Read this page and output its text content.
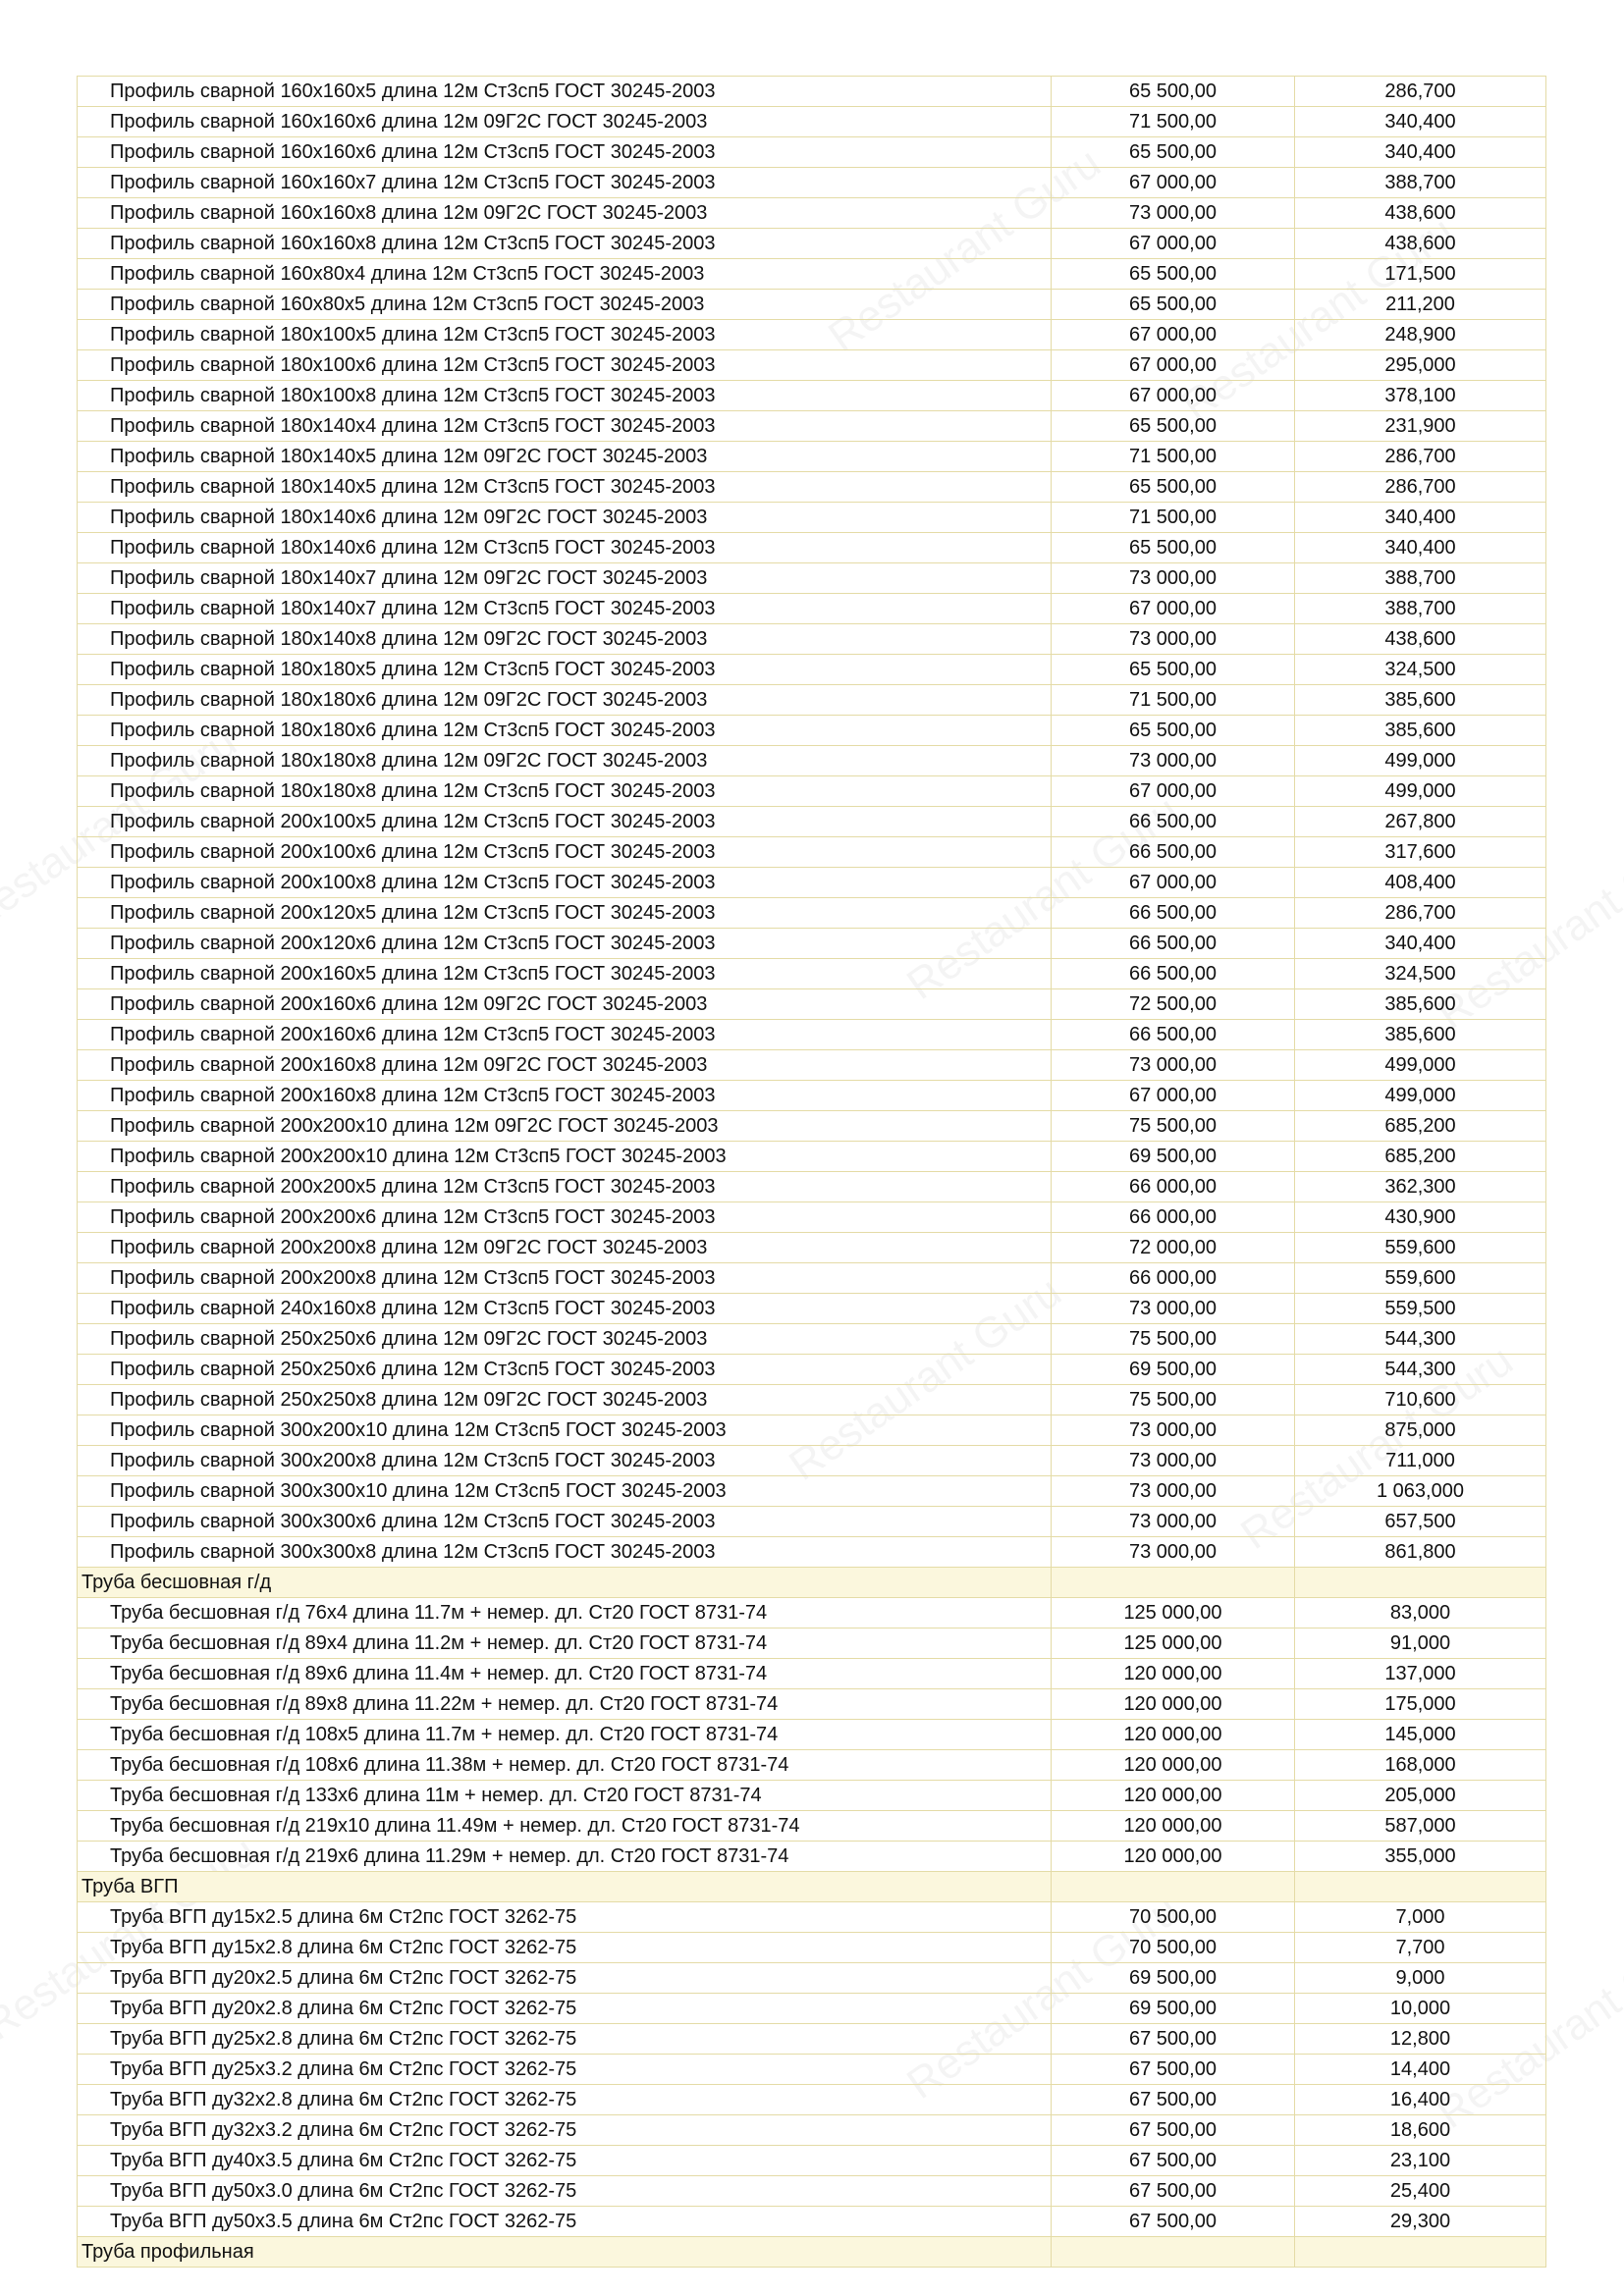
Профиль сварной 160х160х5 длина 12м Ст3сп5 ГОСТ 30245-2003	65 500,00	286,700
Профиль сварной 160х160х6 длина 12м 09Г2С ГОСТ 30245-2003	71 500,00	340,400
Профиль сварной 160х160х6 длина 12м Ст3сп5 ГОСТ 30245-2003	65 500,00	340,400
Профиль сварной 160х160х7 длина 12м Ст3сп5 ГОСТ 30245-2003	67 000,00	388,700
Профиль сварной 160х160х8 длина 12м 09Г2С ГОСТ 30245-2003	73 000,00	438,600
Профиль сварной 160х160х8 длина 12м Ст3сп5 ГОСТ 30245-2003	67 000,00	438,600
Профиль сварной 160х80х4 длина 12м Ст3сп5 ГОСТ 30245-2003	65 500,00	171,500
Профиль сварной 160х80х5 длина 12м Ст3сп5 ГОСТ 30245-2003	65 500,00	211,200
Профиль сварной 180х100х5 длина 12м Ст3сп5 ГОСТ 30245-2003	67 000,00	248,900
Профиль сварной 180х100х6 длина 12м Ст3сп5 ГОСТ 30245-2003	67 000,00	295,000
Профиль сварной 180х100х8 длина 12м Ст3сп5 ГОСТ 30245-2003	67 000,00	378,100
Профиль сварной 180х140х4 длина 12м Ст3сп5 ГОСТ 30245-2003	65 500,00	231,900
Профиль сварной 180х140х5 длина 12м 09Г2С ГОСТ 30245-2003	71 500,00	286,700
Профиль сварной 180х140х5 длина 12м Ст3сп5 ГОСТ 30245-2003	65 500,00	286,700
Профиль сварной 180х140х6 длина 12м 09Г2С ГОСТ 30245-2003	71 500,00	340,400
Профиль сварной 180х140х6 длина 12м Ст3сп5 ГОСТ 30245-2003	65 500,00	340,400
Профиль сварной 180х140х7 длина 12м 09Г2С ГОСТ 30245-2003	73 000,00	388,700
Профиль сварной 180х140х7 длина 12м Ст3сп5 ГОСТ 30245-2003	67 000,00	388,700
Профиль сварной 180х140х8 длина 12м 09Г2С ГОСТ 30245-2003	73 000,00	438,600
Профиль сварной 180х180х5 длина 12м Ст3сп5 ГОСТ 30245-2003	65 500,00	324,500
Профиль сварной 180х180х6 длина 12м 09Г2С ГОСТ 30245-2003	71 500,00	385,600
Профиль сварной 180х180х6 длина 12м Ст3сп5 ГОСТ 30245-2003	65 500,00	385,600
Профиль сварной 180х180х8 длина 12м 09Г2С ГОСТ 30245-2003	73 000,00	499,000
Профиль сварной 180х180х8 длина 12м Ст3сп5 ГОСТ 30245-2003	67 000,00	499,000
Профиль сварной 200х100х5 длина 12м Ст3сп5 ГОСТ 30245-2003	66 500,00	267,800
Профиль сварной 200х100х6 длина 12м Ст3сп5 ГОСТ 30245-2003	66 500,00	317,600
Профиль сварной 200х100х8 длина 12м Ст3сп5 ГОСТ 30245-2003	67 000,00	408,400
Профиль сварной 200х120х5 длина 12м Ст3сп5 ГОСТ 30245-2003	66 500,00	286,700
Профиль сварной 200х120х6 длина 12м Ст3сп5 ГОСТ 30245-2003	66 500,00	340,400
Профиль сварной 200х160х5 длина 12м Ст3сп5 ГОСТ 30245-2003	66 500,00	324,500
Профиль сварной 200х160х6 длина 12м 09Г2С ГОСТ 30245-2003	72 500,00	385,600
Профиль сварной 200х160х6 длина 12м Ст3сп5 ГОСТ 30245-2003	66 500,00	385,600
Профиль сварной 200х160х8 длина 12м 09Г2С ГОСТ 30245-2003	73 000,00	499,000
Профиль сварной 200х160х8 длина 12м Ст3сп5 ГОСТ 30245-2003	67 000,00	499,000
Профиль сварной 200х200х10 длина 12м 09Г2С ГОСТ 30245-2003	75 500,00	685,200
Профиль сварной 200х200х10 длина 12м Ст3сп5 ГОСТ 30245-2003	69 500,00	685,200
Профиль сварной 200х200х5 длина 12м Ст3сп5 ГОСТ 30245-2003	66 000,00	362,300
Профиль сварной 200х200х6 длина 12м Ст3сп5 ГОСТ 30245-2003	66 000,00	430,900
Профиль сварной 200х200х8 длина 12м 09Г2С ГОСТ 30245-2003	72 000,00	559,600
Профиль сварной 200х200х8 длина 12м Ст3сп5 ГОСТ 30245-2003	66 000,00	559,600
Профиль сварной 240х160х8 длина 12м Ст3сп5 ГОСТ 30245-2003	73 000,00	559,500
Профиль сварной 250х250х6 длина 12м 09Г2С ГОСТ 30245-2003	75 500,00	544,300
Профиль сварной 250х250х6 длина 12м Ст3сп5 ГОСТ 30245-2003	69 500,00	544,300
Профиль сварной 250х250х8 длина 12м 09Г2С ГОСТ 30245-2003	75 500,00	710,600
Профиль сварной 300х200х10 длина 12м Ст3сп5 ГОСТ 30245-2003	73 000,00	875,000
Профиль сварной 300х200х8 длина 12м Ст3сп5 ГОСТ 30245-2003	73 000,00	711,000
Профиль сварной 300х300х10 длина 12м Ст3сп5 ГОСТ 30245-2003	73 000,00	1 063,000
Профиль сварной 300х300х6 длина 12м Ст3сп5 ГОСТ 30245-2003	73 000,00	657,500
Профиль сварной 300х300х8 длина 12м Ст3сп5 ГОСТ 30245-2003	73 000,00	861,800
Труба бесшовная г/д		
Труба бесшовная г/д 76х4 длина 11.7м + немер. дл. Ст20 ГОСТ 8731-74	125 000,00	83,000
Труба бесшовная г/д 89х4 длина 11.2м + немер. дл. Ст20 ГОСТ 8731-74	125 000,00	91,000
Труба бесшовная г/д 89х6 длина 11.4м + немер. дл. Ст20 ГОСТ 8731-74	120 000,00	137,000
Труба бесшовная г/д 89х8 длина 11.22м + немер. дл. Ст20 ГОСТ 8731-74	120 000,00	175,000
Труба бесшовная г/д 108х5 длина 11.7м + немер. дл. Ст20 ГОСТ 8731-74	120 000,00	145,000
Труба бесшовная г/д 108х6 длина 11.38м + немер. дл. Ст20 ГОСТ 8731-74	120 000,00	168,000
Труба бесшовная г/д 133х6 длина 11м + немер. дл. Ст20 ГОСТ 8731-74	120 000,00	205,000
Труба бесшовная г/д 219х10 длина 11.49м + немер. дл. Ст20 ГОСТ 8731-74	120 000,00	587,000
Труба бесшовная г/д 219х6 длина 11.29м + немер. дл. Ст20 ГОСТ 8731-74	120 000,00	355,000
Труба ВГП		
Труба ВГП ду15х2.5 длина 6м Ст2пс ГОСТ 3262-75	70 500,00	7,000
Труба ВГП ду15х2.8 длина 6м Ст2пс ГОСТ 3262-75	70 500,00	7,700
Труба ВГП ду20х2.5 длина 6м Ст2пс ГОСТ 3262-75	69 500,00	9,000
Труба ВГП ду20х2.8 длина 6м Ст2пс ГОСТ 3262-75	69 500,00	10,000
Труба ВГП ду25х2.8 длина 6м Ст2пс ГОСТ 3262-75	67 500,00	12,800
Труба ВГП ду25х3.2 длина 6м Ст2пс ГОСТ 3262-75	67 500,00	14,400
Труба ВГП ду32х2.8 длина 6м Ст2пс ГОСТ 3262-75	67 500,00	16,400
Труба ВГП ду32х3.2 длина 6м Ст2пс ГОСТ 3262-75	67 500,00	18,600
Труба ВГП ду40х3.5 длина 6м Ст2пс ГОСТ 3262-75	67 500,00	23,100
Труба ВГП ду50х3.0 длина 6м Ст2пс ГОСТ 3262-75	67 500,00	25,400
Труба ВГП ду50х3.5 длина 6м Ст2пс ГОСТ 3262-75	67 500,00	29,300
Труба профильная		
